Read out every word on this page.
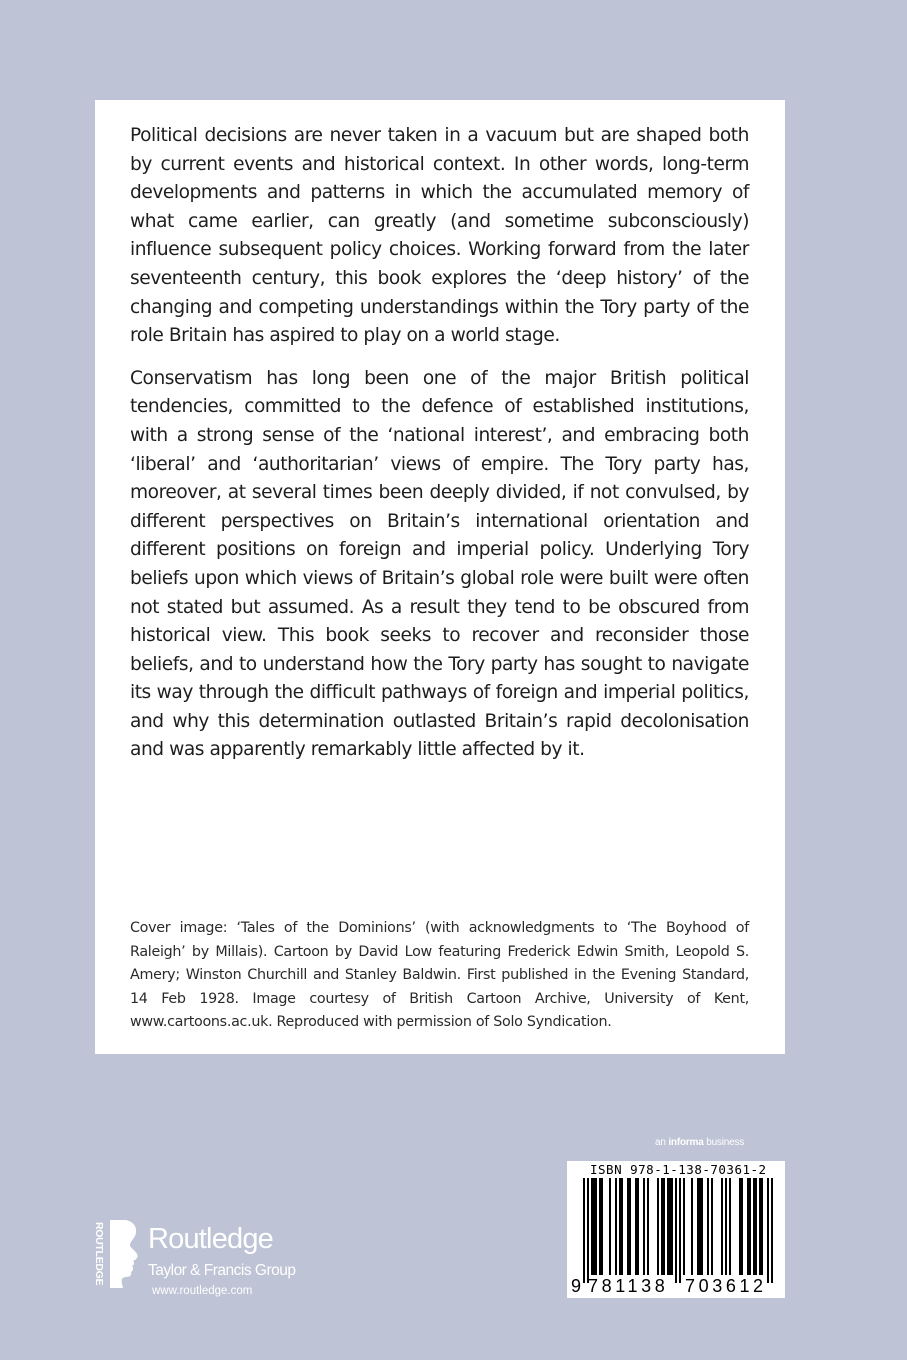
Political decisions are never taken in a vacuum but are shaped both by current events and historical context. In other words, long-term developments and patterns in which the accumulated memory of what came earlier, can greatly (and sometime subconsciously) influence subsequent policy choices. Working forward from the later seventeenth century, this book explores the ‘deep history’ of the changing and competing understandings within the Tory party of the role Britain has aspired to play on a world stage.

Conservatism has long been one of the major British political tendencies, committed to the defence of established institutions, with a strong sense of the ‘national interest’, and embracing both ‘liberal’ and ‘authoritarian’ views of empire. The Tory party has, moreover, at several times been deeply divided, if not convulsed, by different perspectives on Britain’s international orientation and different positions on foreign and imperial policy. Underlying Tory beliefs upon which views of Britain’s global role were built were often not stated but assumed. As a result they tend to be obscured from historical view. This book seeks to recover and reconsider those beliefs, and to understand how the Tory party has sought to navigate its way through the difficult pathways of foreign and imperial politics, and why this determination outlasted Britain’s rapid decolonisation and was apparently remarkably little affected by it.

Cover image: ‘Tales of the Dominions’ (with acknowledgments to ‘The Boyhood of Raleigh’ by Millais). Cartoon by David Low featuring Frederick Edwin Smith, Leopold S. Amery; Winston Churchill and Stanley Baldwin. First published in the Evening Standard, 14 Feb 1928. Image courtesy of British Cartoon Archive, University of Kent, www.cartoons.ac.uk. Reproduced with permission of Solo Syndication.

an informa business
ROUTLEDGE Routledge
Taylor & Francis Group
www.routledge.com
ISBN 978-1-138-70361-2
9 781138 703612
